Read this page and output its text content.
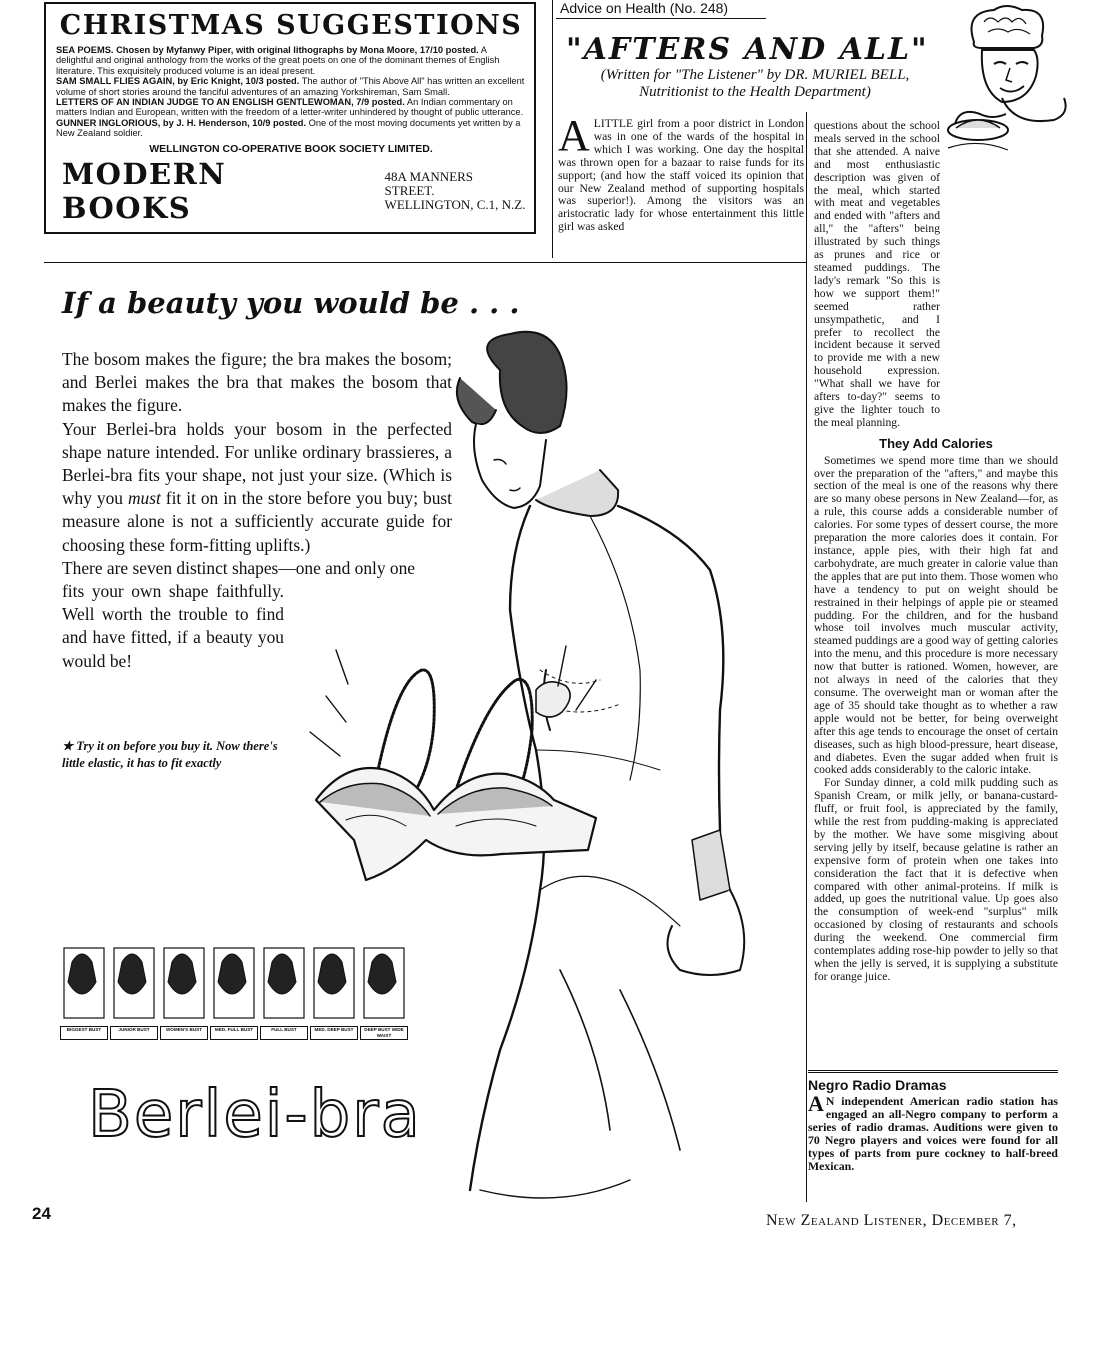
CHRISTMAS SUGGESTIONS

SEA POEMS. Chosen by Myfanwy Piper, with original lithographs by Mona Moore, 17/10 posted. A delightful and original anthology from the works of the great poets on one of the dominant themes of English literature. This exquisitely produced volume is an ideal present.

SAM SMALL FLIES AGAIN, by Eric Knight, 10/3 posted. The author of "This Above All" has written an excellent volume of short stories around the fanciful adventures of an amazing Yorkshireman, Sam Small.

LETTERS OF AN INDIAN JUDGE TO AN ENGLISH GENTLEWOMAN, 7/9 posted. An Indian commentary on matters Indian and European, written with the freedom of a letter-writer unhindered by thought of public utterance.

GUNNER INGLORIOUS, by J. H. Henderson, 10/9 posted. One of the most moving documents yet written by a New Zealand soldier.

WELLINGTON CO-OPERATIVE BOOK SOCIETY LIMITED.
MODERN BOOKS
48A MANNERS STREET.
WELLINGTON, C.1, N.Z.
Advice on Health (No. 248)
"AFTERS AND ALL"
(Written for "The Listener" by DR. MURIEL BELL,
Nutritionist to the Health Department)

ALITTLE girl from a poor district in London was in one of the wards of the hospital in which I was working. One day the hospital was thrown open for a bazaar to raise funds for its support; (and how the staff voiced its opinion that our New Zealand method of supporting hospitals was superior!). Among the visitors was an aristocratic lady for whose entertainment this little girl was asked

questions about the school meals served in the school that she attended. A naive and most enthusiastic description was given of the meal, which started with meat and vegetables and ended with "afters and all," the "afters" being illustrated by such things as prunes and rice or steamed puddings. The lady's remark "So this is how we support them!" seemed rather unsympathetic, and I prefer to recollect the incident because it served to provide me with a new household expression. "What shall we have for afters to-day?" seems to give the lighter touch to the meal planning.

They Add Calories

Sometimes we spend more time than we should over the preparation of the "afters," and maybe this section of the meal is one of the reasons why there are so many obese persons in New Zealand—for, as a rule, this course adds a considerable number of calories. For some types of dessert course, the more preparation the more calories does it contain. For instance, apple pies, with their high fat and carbohydrate, are much greater in calorie value than the apples that are put into them. Those women who have a tendency to put on weight should be restrained in their helpings of apple pie or steamed pudding. For the children, and for the husband whose toil involves much muscular activity, steamed puddings are a good way of getting calories into the menu, and this procedure is more necessary now that butter is rationed. Women, however, are not always in need of the calories that they consume. The overweight man or woman after the age of 35 should take thought as to whether a raw apple would not be better, for being overweight after this age tends to encourage the onset of certain diseases, such as high blood-pressure, heart disease, and diabetes. Even the sugar added when fruit is cooked adds considerably to the caloric intake.

For Sunday dinner, a cold milk pudding such as Spanish Cream, or milk jelly, or banana-custard-fluff, or fruit fool, is appreciated by the family, while the rest from pudding-making is appreciated by the mother. We have some misgiving about serving jelly by itself, because gelatine is rather an expensive form of protein when one takes into consideration the fact that it is defective when compared with other animal-proteins. If milk is added, up goes the nutritional value. Up goes also the consumption of week-end "surplus" milk occasioned by closing of restaurants and schools during the weekend. One commercial firm contemplates adding rose-hip powder to jelly so that when the jelly is served, it is supplying a substitute for orange juice.

Negro Radio Dramas
A N independent American radio station has engaged an all-Negro company to perform a series of radio dramas. Auditions were given to 70 Negro players and voices were found for all types of parts from pure cockney to half-breed Mexican.
If a beauty you would be . . .

The bosom makes the figure; the bra makes the bosom; and Berlei makes the bra that makes the bosom that makes the figure.

Your Berlei-bra holds your bosom in the perfected shape nature intended. For unlike ordinary brassieres, a Berlei-bra fits your shape, not just your size. (Which is why you must fit it on in the store before you buy; bust measure alone is not a sufficiently accurate guide for choosing these form-fitting uplifts.)

There are seven distinct shapes—one and only one

fits your own shape faithfully. Well worth the trouble to find and have fitted, if a beauty you would be!

★ Try it on before you buy it. Now there's little elastic, it has to fit exactly
BIGGEST BUST	JUNIOR BUST	WOMEN'S BUST	MED. FULL BUST	FULL BUST	MED. DEEP BUST	DEEP BUST WIDE WAIST
Berlei-bra
24	New Zealand Listener, December 7,
